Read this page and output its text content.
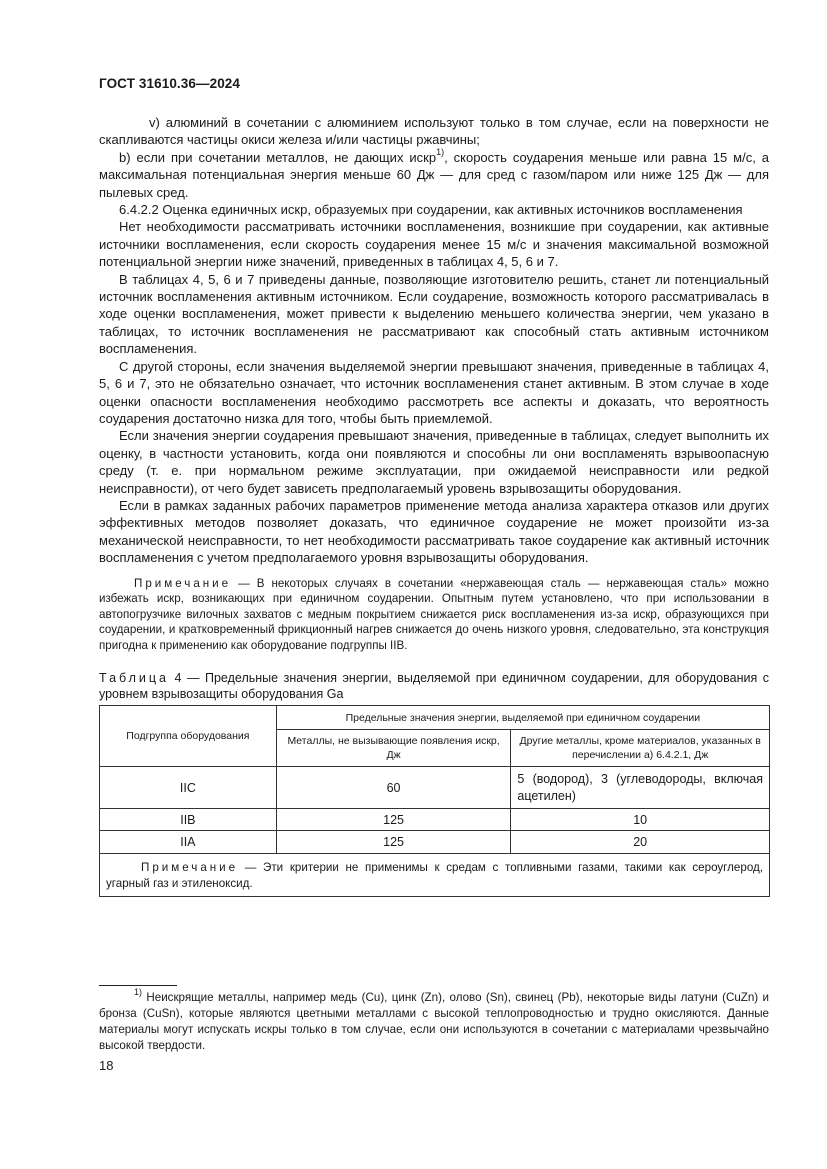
ГОСТ 31610.36—2024

v) алюминий в сочетании с алюминием используют только в том случае, если на поверхности не скапливаются частицы окиси железа и/или частицы ржавчины;

b) если при сочетании металлов, не дающих искр$^{1)}$, скорость соударения меньше или равна 15 м/с, а максимальная потенциальная энергия меньше 60 Дж — для сред с газом/паром или ниже 125 Дж — для пылевых сред.

6.4.2.2 Оценка единичных искр, образуемых при соударении, как активных источников воспламенения

Нет необходимости рассматривать источники воспламенения, возникшие при соударении, как активные источники воспламенения, если скорость соударения менее 15 м/с и значения максимальной возможной потенциальной энергии ниже значений, приведенных в таблицах 4, 5, 6 и 7.

В таблицах 4, 5, 6 и 7 приведены данные, позволяющие изготовителю решить, станет ли потенциальный источник воспламенения активным источником. Если соударение, возможность которого рассматривалась в ходе оценки воспламенения, может привести к выделению меньшего количества энергии, чем указано в таблицах, то источник воспламенения не рассматривают как способный стать активным источником воспламенения.

С другой стороны, если значения выделяемой энергии превышают значения, приведенные в таблицах 4, 5, 6 и 7, это не обязательно означает, что источник воспламенения станет активным. В этом случае в ходе оценки опасности воспламенения необходимо рассмотреть все аспекты и доказать, что вероятность соударения достаточно низка для того, чтобы быть приемлемой.

Если значения энергии соударения превышают значения, приведенные в таблицах, следует выполнить их оценку, в частности установить, когда они появляются и способны ли они воспламенять взрывоопасную среду (т. е. при нормальном режиме эксплуатации, при ожидаемой неисправности или редкой неисправности), от чего будет зависеть предполагаемый уровень взрывозащиты оборудования.

Если в рамках заданных рабочих параметров применение метода анализа характера отказов или других эффективных методов позволяет доказать, что единичное соударение не может произойти из-за механической неисправности, то нет необходимости рассматривать такое соударение как активный источник воспламенения с учетом предполагаемого уровня взрывозащиты оборудования.

Примечание — В некоторых случаях в сочетании «нержавеющая сталь — нержавеющая сталь» можно избежать искр, возникающих при единичном соударении. Опытным путем установлено, что при использовании в автопогрузчике вилочных захватов с медным покрытием снижается риск воспламенения из-за искр, образующихся при соударении, и кратковременный фрикционный нагрев снижается до очень низкого уровня, следовательно, эта конструкция пригодна к применению как оборудование подгруппы IIB.

Таблица 4 — Предельные значения энергии, выделяемой при единичном соударении, для оборудования с уровнем взрывозащиты оборудования Ga
Подгруппа оборудования	Предельные значения энергии, выделяемой при единичном соударении	
	Металлы, не вызывающие появления искр, Дж	Другие металлы, кроме материалов, указанных в перечислении a) 6.4.2.1, Дж
IIC	60	5 (водород), 3 (углеводороды, включая ацетилен)
IIB	125	10
IIA	125	20
Примечание — Эти критерии не применимы к средам с топливными газами, такими как сероуглерод, угарный газ и этиленоксид.		

$^{1)}$ Неискрящие металлы, например медь (Cu), цинк (Zn), олово (Sn), свинец (Pb), некоторые виды латуни (CuZn) и бронза (CuSn), которые являются цветными металлами с высокой теплопроводностью и трудно окисляются. Данные материалы могут испускать искры только в том случае, если они используются в сочетании с материалами чрезвычайно высокой твердости.

18
